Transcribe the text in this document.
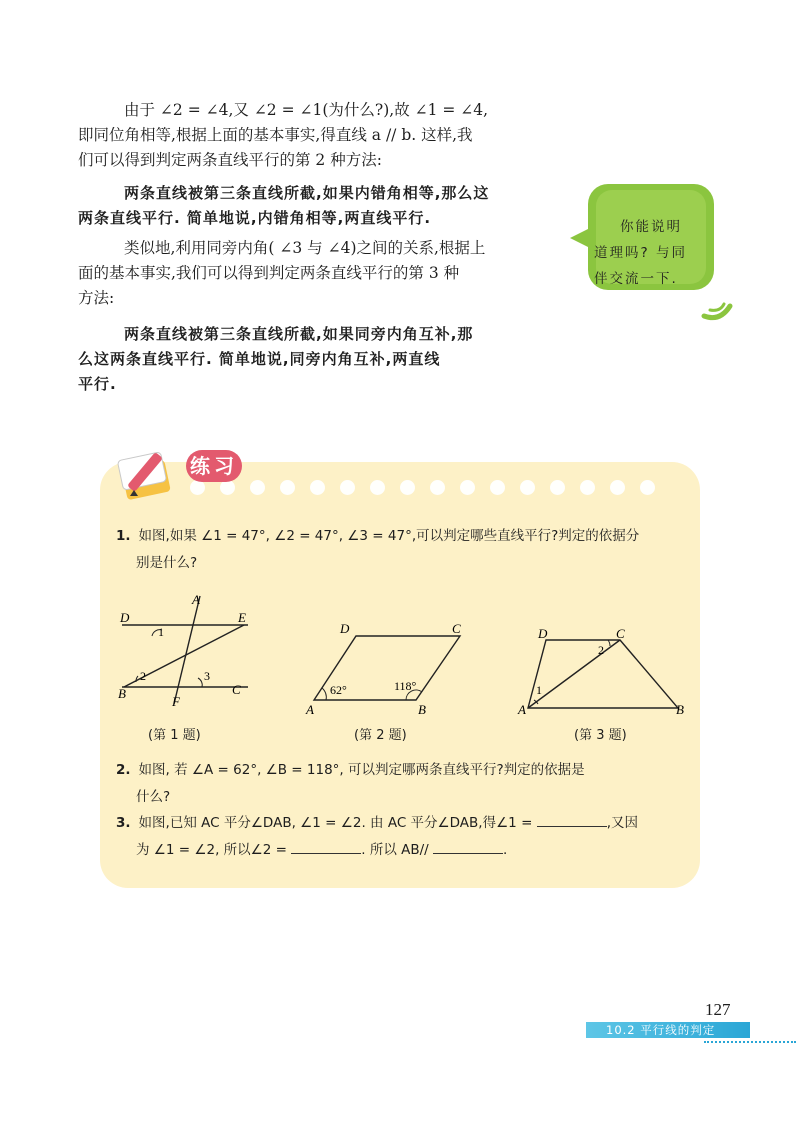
由于 ∠2 = ∠4,又 ∠2 = ∠1(为什么?),故 ∠1 = ∠4,
即同位角相等,根据上面的基本事实,得直线 a // b. 这样,我
们可以得到判定两条直线平行的第 2 种方法:
两条直线被第三条直线所截,如果内错角相等,那么这
两条直线平行. 简单地说,内错角相等,两直线平行.
类似地,利用同旁内角( ∠3 与 ∠4)之间的关系,根据上
面的基本事实,我们可以得到判定两条直线平行的第 3 种
方法:
两条直线被第三条直线所截,如果同旁内角互补,那
么这两条直线平行. 简单地说,同旁内角互补,两直线
平行.
你能说明
道理吗? 与同
伴交流一下.
练习
1. 如图,如果 ∠1 = 47°, ∠2 = 47°, ∠3 = 47°,可以判定哪些直线平行?判定的依据分
别是什么?
A
D	E
B	C
F
1
2	3
D	C
A	B
62°	118°
D	C
A	B
1
2
(第 1 题)	(第 2 题)	(第 3 题)
2. 如图, 若 ∠A = 62°, ∠B = 118°, 可以判定哪两条直线平行?判定的依据是
什么?
3. 如图,已知 AC 平分∠DAB, ∠1 = ∠2. 由 AC 平分∠DAB,得∠1 =	,又因
为 ∠1 = ∠2, 所以∠2 =	. 所以 AB//	.
127
10.2 平行线的判定
